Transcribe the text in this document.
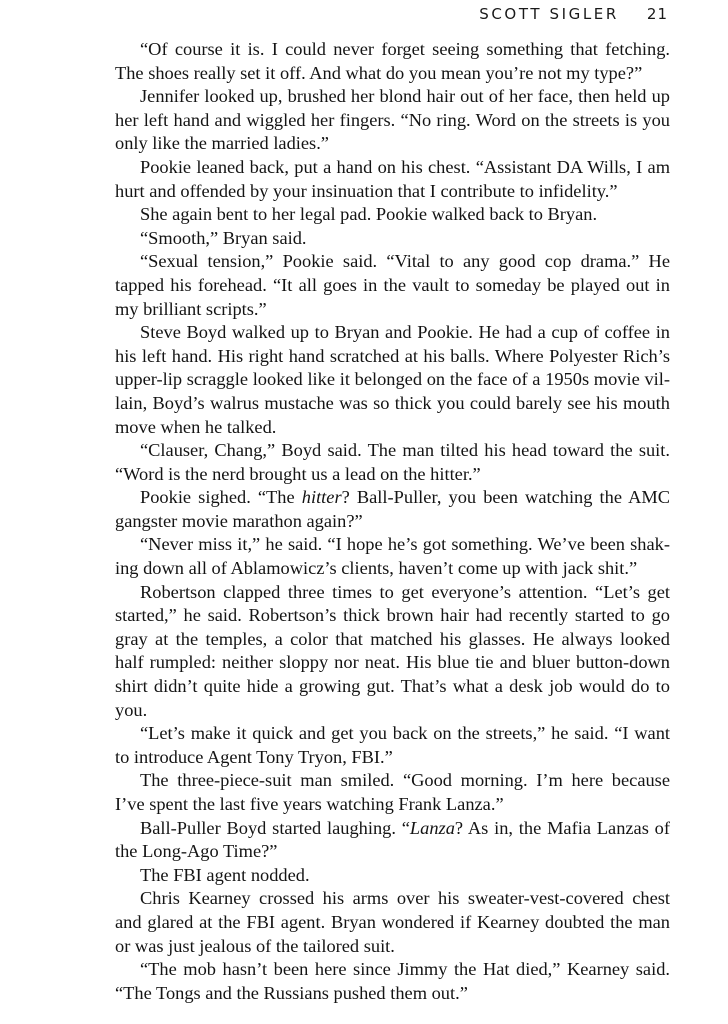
SCOTT SIGLER 21

“Of course it is. I could never forget seeing something that fetching. The shoes really set it off. And what do you mean you’re not my type?”

Jennifer looked up, brushed her blond hair out of her face, then held up her left hand and wiggled her fingers. “No ring. Word on the streets is you only like the married ladies.”

Pookie leaned back, put a hand on his chest. “Assistant DA Wills, I am hurt and offended by your insinuation that I contribute to infidelity.”

She again bent to her legal pad. Pookie walked back to Bryan.

“Smooth,” Bryan said.

“Sexual tension,” Pookie said. “Vital to any good cop drama.” He tapped his forehead. “It all goes in the vault to someday be played out in my brilliant scripts.”

Steve Boyd walked up to Bryan and Pookie. He had a cup of coffee in his left hand. His right hand scratched at his balls. Where Polyester Rich’s upper-lip scraggle looked like it belonged on the face of a 1950s movie villain, Boyd’s walrus mustache was so thick you could barely see his mouth move when he talked.

“Clauser, Chang,” Boyd said. The man tilted his head toward the suit. “Word is the nerd brought us a lead on the hitter.”

Pookie sighed. “The hitter? Ball-Puller, you been watching the AMC gangster movie marathon again?”

“Never miss it,” he said. “I hope he’s got something. We’ve been shaking down all of Ablamowicz’s clients, haven’t come up with jack shit.”

Robertson clapped three times to get everyone’s attention. “Let’s get started,” he said. Robertson’s thick brown hair had recently started to go gray at the temples, a color that matched his glasses. He always looked half rumpled: neither sloppy nor neat. His blue tie and bluer button-down shirt didn’t quite hide a growing gut. That’s what a desk job would do to you.

“Let’s make it quick and get you back on the streets,” he said. “I want to introduce Agent Tony Tryon, FBI.”

The three-piece-suit man smiled. “Good morning. I’m here because I’ve spent the last five years watching Frank Lanza.”

Ball-Puller Boyd started laughing. “Lanza? As in, the Mafia Lanzas of the Long-Ago Time?”

The FBI agent nodded.

Chris Kearney crossed his arms over his sweater-vest-covered chest and glared at the FBI agent. Bryan wondered if Kearney doubted the man or was just jealous of the tailored suit.

“The mob hasn’t been here since Jimmy the Hat died,” Kearney said. “The Tongs and the Russians pushed them out.”
